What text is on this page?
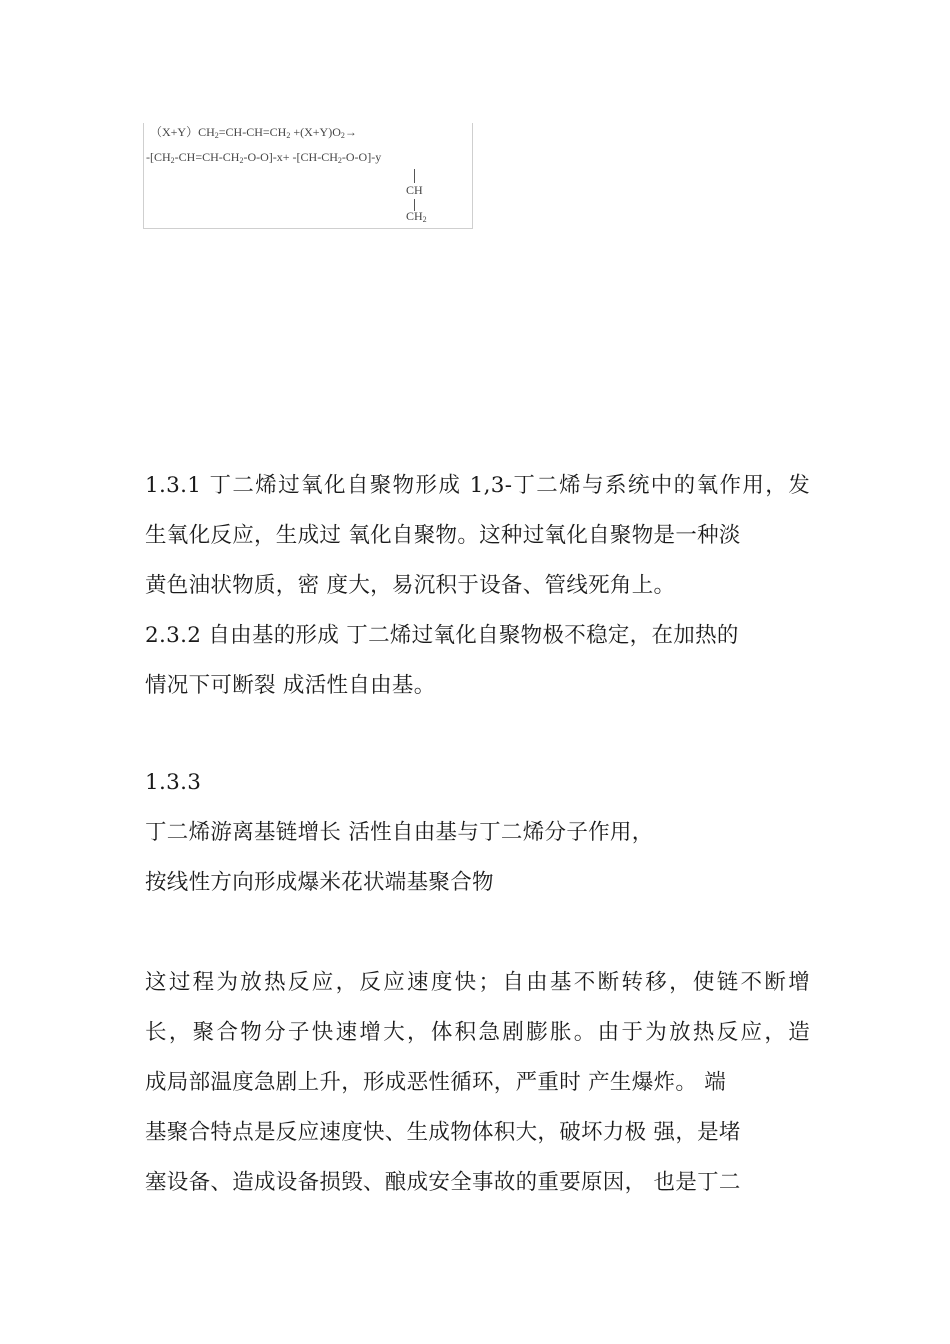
$(X+Y)CH_2=CH-CH=CH_2 +(X+Y)O_2\to$
$-[CH_2-CH=CH-CH_2-O-O]-x+ -[CH-CH_2-O-O]-y$
CH
$CH_2$
1.3.1 丁二烯过氧化自聚物形成 1,3-丁二烯与系统中的氧作用，发
生氧化反应，生成过 氧化自聚物。这种过氧化自聚物是一种淡
黄色油状物质，密 度大，易沉积于设备、管线死角上。
2.3.2 自由基的形成 丁二烯过氧化自聚物极不稳定，在加热的
情况下可断裂 成活性自由基。
1.3.3
丁二烯游离基链增长 活性自由基与丁二烯分子作用，
按线性方向形成爆米花状端基聚合物
这过程为放热反应，反应速度快；自由基不断转移，使链不断增
长，聚合物分子快速增大，体积急剧膨胀。由于为放热反应，造
成局部温度急剧上升，形成恶性循环，严重时 产生爆炸。 端
基聚合特点是反应速度快、生成物体积大，破坏力极 强，是堵
塞设备、造成设备损毁、酿成安全事故的重要原因， 也是丁二
